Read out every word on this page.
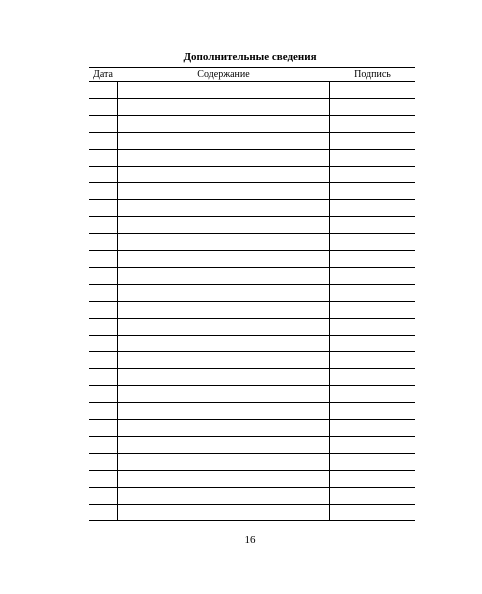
Дополнительные сведения
Дата	Содержание	Подпись
16
